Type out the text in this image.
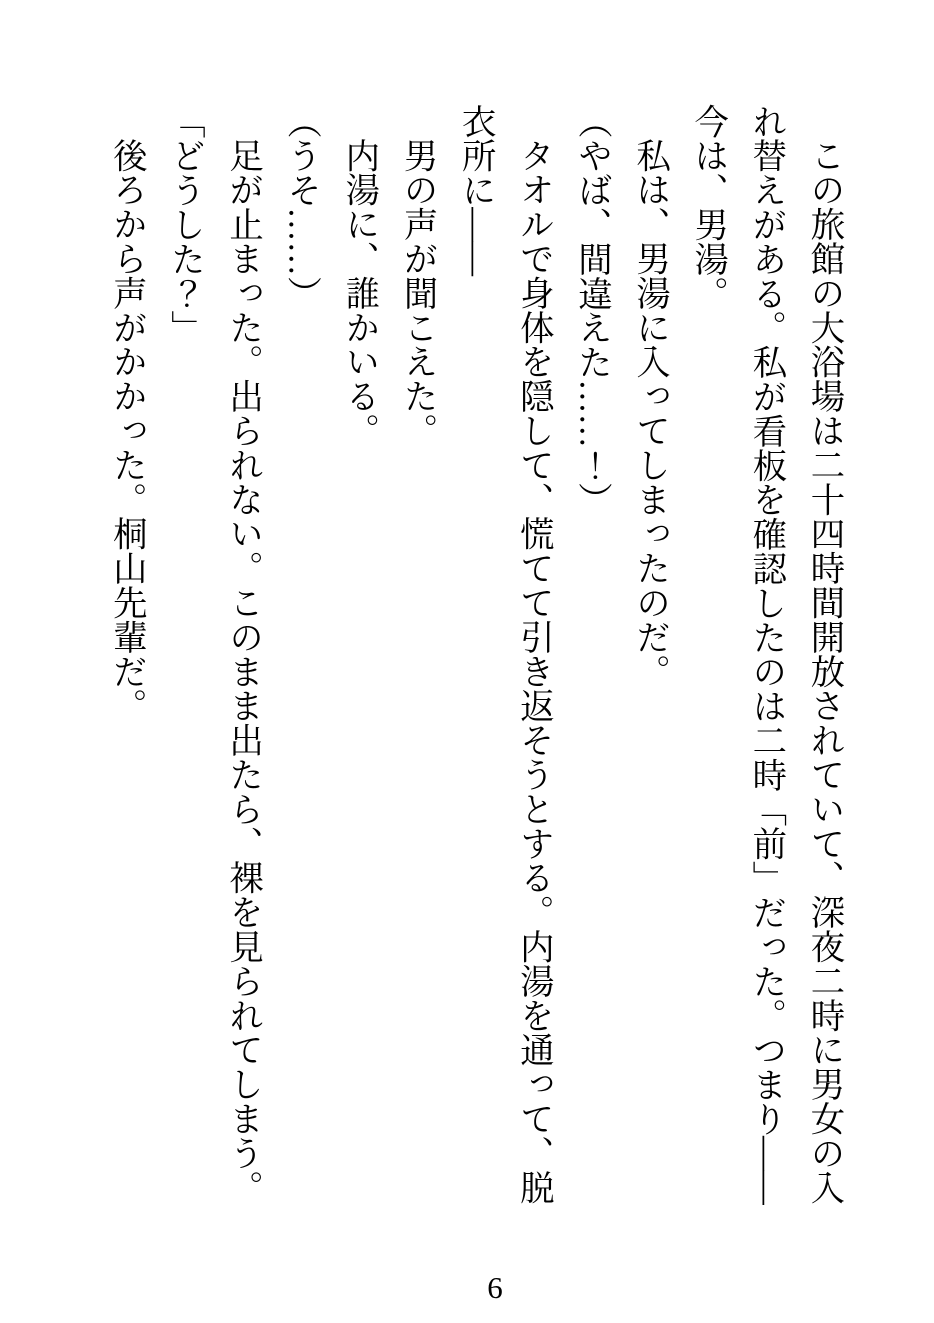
この旅館の大浴場は二十四時間開放されていて、深夜二時に男女の入れ替えがある。私が看板を確認したのは二時「前」だった。つまり――今は、男湯。

私は、男湯に入ってしまったのだ。

（やば、間違えた……！）

タオルで身体を隠して、慌てて引き返そうとする。内湯を通って、脱衣所に――

男の声が聞こえた。

内湯に、誰かいる。

（うそ……）

足が止まった。出られない。このまま出たら、裸を見られてしまう。

「どうした？」

後ろから声がかかった。桐山先輩だ。

6
